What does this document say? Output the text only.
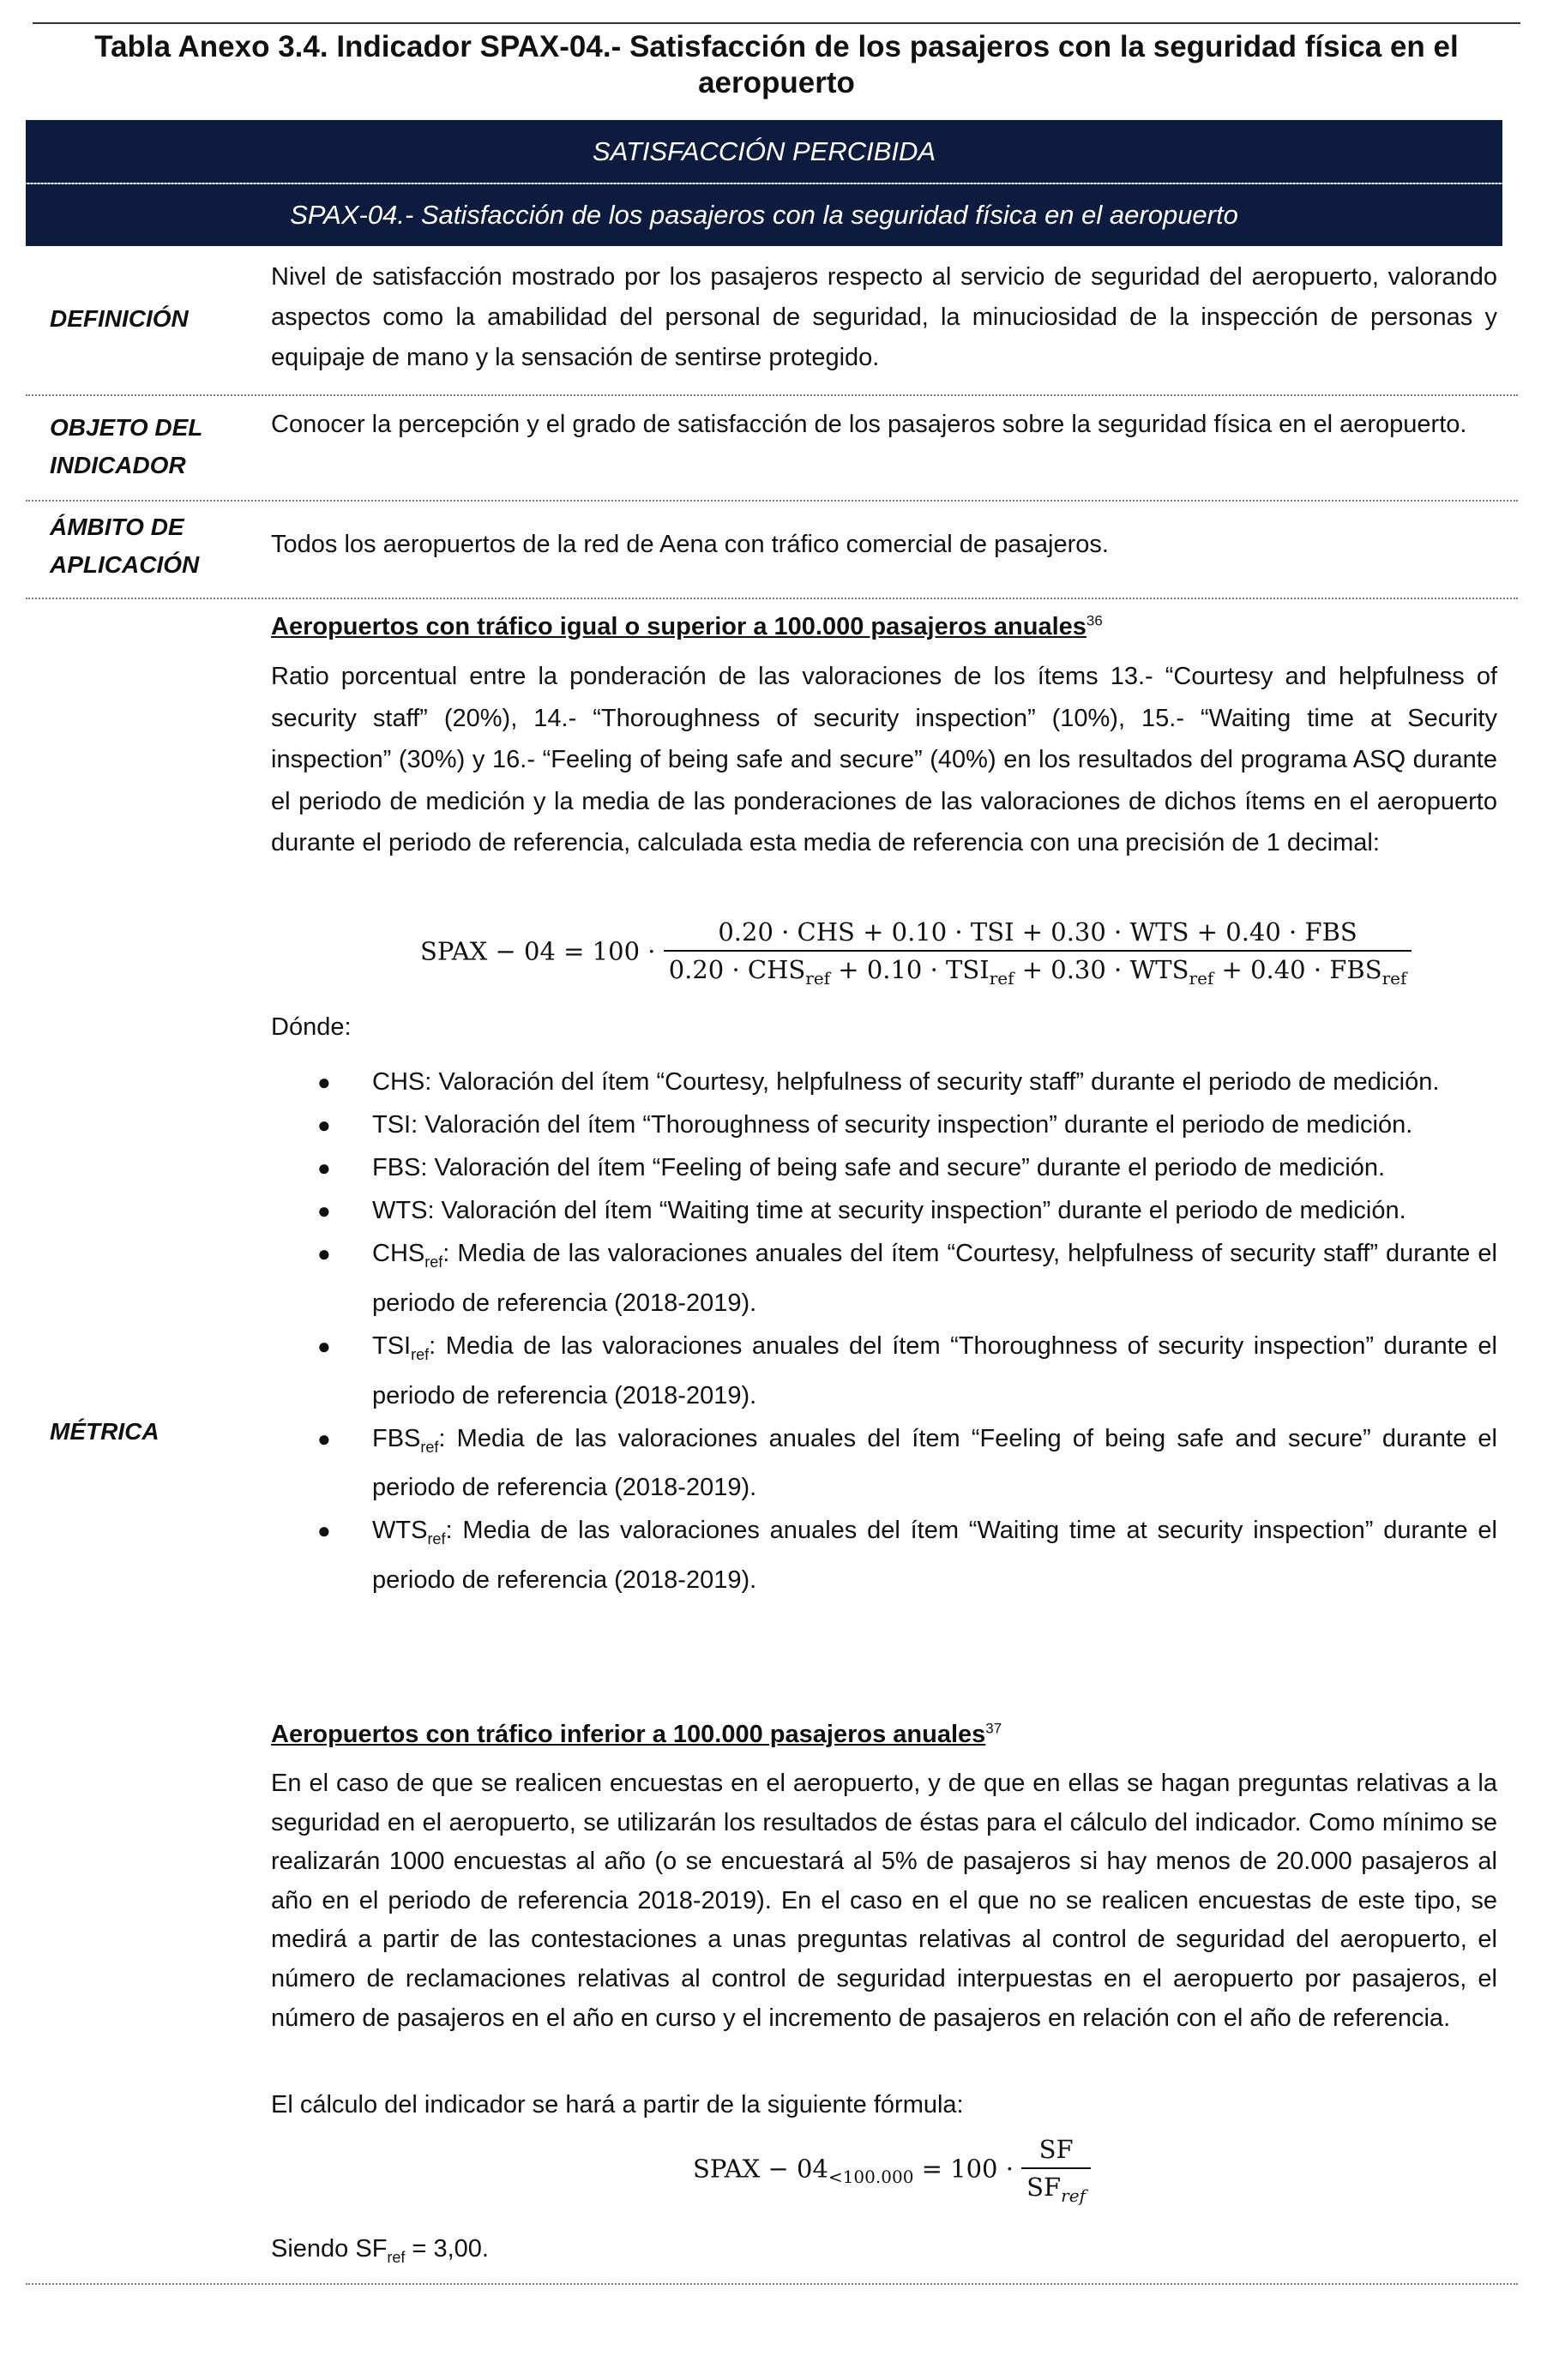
Tabla Anexo 3.4. Indicador SPAX-04.- Satisfacción de los pasajeros con la seguridad física en el aeropuerto
SATISFACCIÓN PERCIBIDA
SPAX-04.- Satisfacción de los pasajeros con la seguridad física en el aeropuerto
DEFINICIÓN
Nivel de satisfacción mostrado por los pasajeros respecto al servicio de seguridad del aeropuerto, valorando aspectos como la amabilidad del personal de seguridad, la minuciosidad de la inspección de personas y equipaje de mano y la sensación de sentirse protegido.
OBJETO DEL INDICADOR
Conocer la percepción y el grado de satisfacción de los pasajeros sobre la seguridad física en el aeropuerto.
ÁMBITO DE APLICACIÓN
Todos los aeropuertos de la red de Aena con tráfico comercial de pasajeros.
MÉTRICA
Aeropuertos con tráfico igual o superior a 100.000 pasajeros anuales$^{36}$
Ratio porcentual entre la ponderación de las valoraciones de los ítems 13.- “Courtesy and helpfulness of security staff” (20%), 14.- “Thoroughness of security inspection” (10%), 15.- “Waiting time at Security inspection” (30%) y 16.- “Feeling of being safe and secure” (40%) en los resultados del programa ASQ durante el periodo de medición y la media de las ponderaciones de las valoraciones de dichos ítems en el aeropuerto durante el periodo de referencia, calculada esta media de referencia con una precisión de 1 decimal:
SPAX − 04 = 100 ·
0.20 · CHS + 0.10 · TSI + 0.30 · WTS + 0.40 · FBS
$0.20 \cdot CHS_{ref} + 0.10 \cdot TSI_{ref} + 0.30 \cdot WTS_{ref} + 0.40 \cdot FBS_{ref}$
Dónde:
● CHS: Valoración del ítem “Courtesy, helpfulness of security staff” durante el periodo de medición.
● TSI: Valoración del ítem “Thoroughness of security inspection” durante el periodo de medición.
● FBS: Valoración del ítem “Feeling of being safe and secure” durante el periodo de medición.
● WTS: Valoración del ítem “Waiting time at security inspection” durante el periodo de medición.
● $CHS_{ref}$: Media de las valoraciones anuales del ítem “Courtesy, helpfulness of security staff” durante el periodo de referencia (2018-2019).
● $TSI_{ref}$: Media de las valoraciones anuales del ítem “Thoroughness of security inspection” durante el periodo de referencia (2018-2019).
● $FBS_{ref}$: Media de las valoraciones anuales del ítem “Feeling of being safe and secure” durante el periodo de referencia (2018-2019).
● $WTS_{ref}$: Media de las valoraciones anuales del ítem “Waiting time at security inspection” durante el periodo de referencia (2018-2019).
Aeropuertos con tráfico inferior a 100.000 pasajeros anuales$^{37}$
En el caso de que se realicen encuestas en el aeropuerto, y de que en ellas se hagan preguntas relativas a la seguridad en el aeropuerto, se utilizarán los resultados de éstas para el cálculo del indicador. Como mínimo se realizarán 1000 encuestas al año (o se encuestará al 5% de pasajeros si hay menos de 20.000 pasajeros al año en el periodo de referencia 2018-2019). En el caso en el que no se realicen encuestas de este tipo, se medirá a partir de las contestaciones a unas preguntas relativas al control de seguridad del aeropuerto, el número de reclamaciones relativas al control de seguridad interpuestas en el aeropuerto por pasajeros, el número de pasajeros en el año en curso y el incremento de pasajeros en relación con el año de referencia.
El cálculo del indicador se hará a partir de la siguiente fórmula:
SPAX − $04_{<100.000} = 100 \cdot \frac{SF}{SF_{ref}}$
Siendo $SF_{ref} = 3,00$.
